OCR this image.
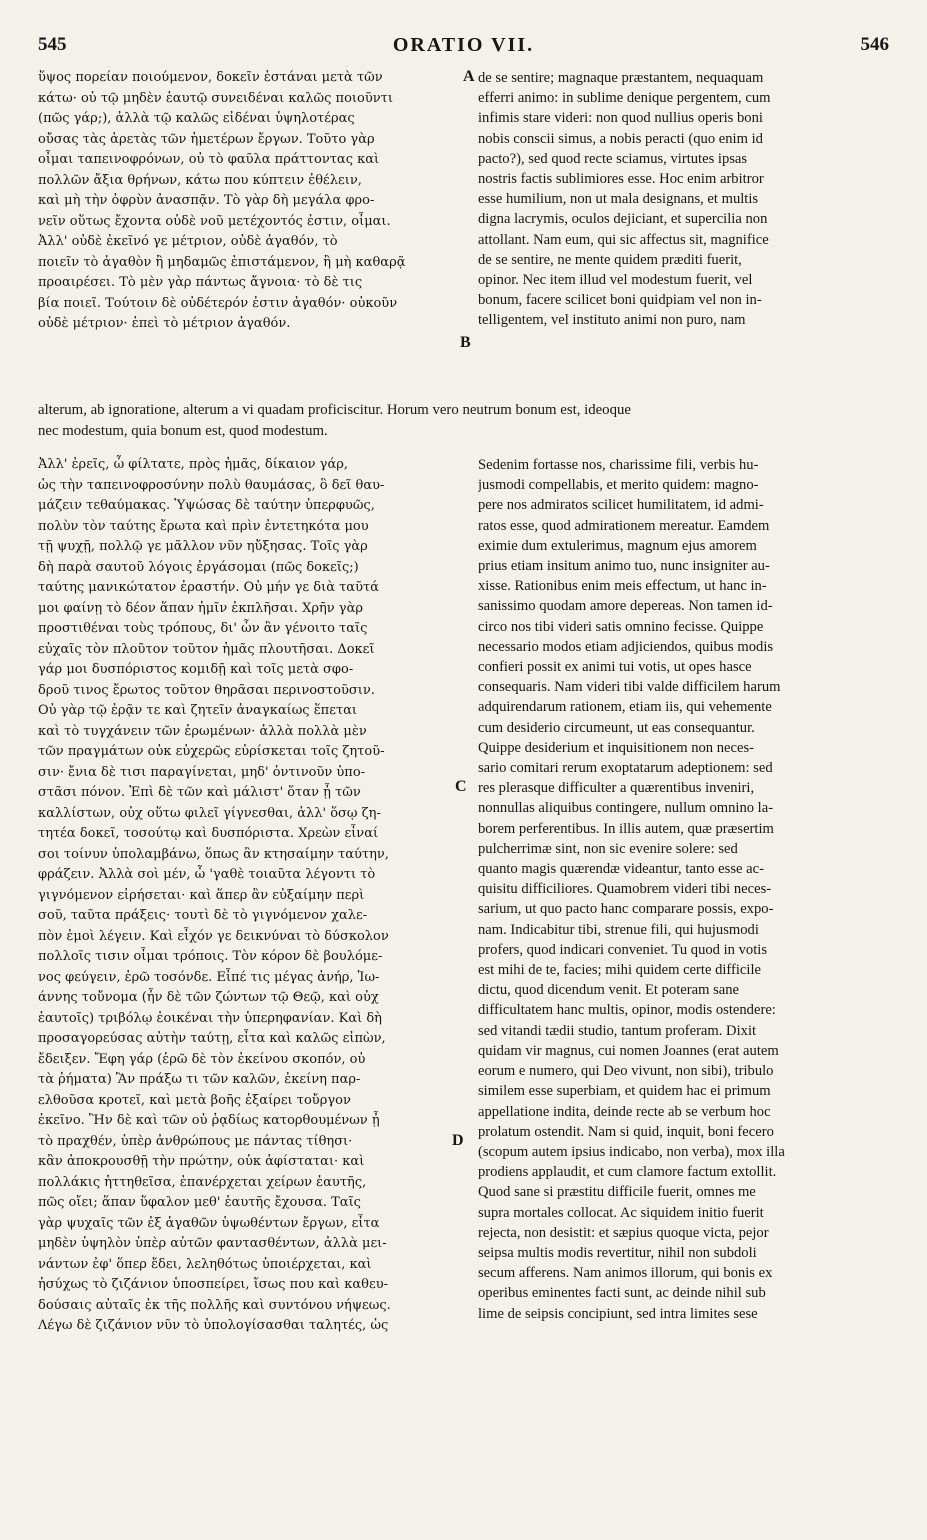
545	ORATIO VII.	546
ὕψος πορείαν ποιούμενον, δοκεῖν ἑστάναι μετὰ τῶν
κάτω· οὐ τῷ μηδὲν ἑαυτῷ συνειδέναι καλῶς ποιοῦντι
(πῶς γάρ;), ἀλλὰ τῷ καλῶς εἰδέναι ὑψηλοτέρας
οὔσας τὰς ἀρετὰς τῶν ἡμετέρων ἔργων. Τοῦτο γὰρ
οἶμαι ταπεινοφρόνων, οὐ τὸ φαῦλα πράττοντας καὶ
πολλῶν ἄξια θρήνων, κάτω που κύπτειν ἐθέλειν,
καὶ μὴ τὴν ὀφρὺν ἀνασπᾷν. Τὸ γὰρ δὴ μεγάλα φρο-
νεῖν οὕτως ἔχοντα οὐδὲ νοῦ μετέχοντός ἐστιν, οἶμαι.
Ἀλλ' οὐδὲ ἐκεῖνό γε μέτριον, οὐδὲ ἀγαθόν, τὸ
ποιεῖν τὸ ἀγαθὸν ἢ μηδαμῶς ἐπιστάμενον, ἢ μὴ καθαρᾷ
προαιρέσει. Τὸ μὲν γὰρ πάντως ἄγνοια· τὸ δὲ τις
βία ποιεῖ. Τούτοιν δὲ οὐδέτερόν ἐστιν ἀγαθόν· οὐκοῦν
οὐδὲ μέτριον· ἐπεὶ τὸ μέτριον ἀγαθόν.
A de se sentire; magnaque præstantem, nequaquam
efferri animo: in sublime denique pergentem, cum
infimis stare videri: non quod nullius operis boni
nobis conscii simus, a nobis peracti (quo enim id
pacto?), sed quod recte sciamus, virtutes ipsas
nostris factis sublimiores esse. Hoc enim arbitror
esse humilium, non ut mala designans, et multis
digna lacrymis, oculos dejiciant, et supercilia non
attollant. Nam eum, qui sic affectus sit, magnifice
de se sentire, ne mente quidem præditi fuerit,
opinor. Nec item illud vel modestum fuerit, vel
bonum, facere scilicet boni quidpiam vel non in-
telligentem, vel instituto animi non puro, nam
B
alterum, ab ignoratione, alterum a vi quadam proficiscitur. Horum vero neutrum bonum est, ideoque
nec modestum, quia bonum est, quod modestum.
Ἀλλ' ἐρεῖς, ὦ φίλτατε, πρὸς ἡμᾶς, δίκαιον γάρ,
ὡς τὴν ταπεινοφροσύνην πολὺ θαυμάσας, ὃ δεῖ θαυ-
μάζειν τεθαύμακας. Ὑψώσας δὲ ταύτην ὑπερφυῶς,
πολὺν τὸν ταύτης ἔρωτα καὶ πρὶν ἐντετηκότα μου
τῇ ψυχῇ, πολλῷ γε μᾶλλον νῦν ηὔξησας. Τοῖς γὰρ
δὴ παρὰ σαυτοῦ λόγοις ἐργάσομαι (πῶς δοκεῖς;)
ταύτης μανικώτατον ἐραστήν. Οὐ μήν γε διὰ ταῦτά
μοι φαίνῃ τὸ δέον ἅπαν ἡμῖν ἐκπλῆσαι. Χρῆν γὰρ
προστιθέναι τοὺς τρόπους, δι' ὧν ἂν γένοιτο ταῖς
εὐχαῖς τὸν πλοῦτον τοῦτον ἡμᾶς πλουτῆσαι. Δοκεῖ
γάρ μοι δυσπόριστος κομιδῇ καὶ τοῖς μετὰ σφο-
δροῦ τινος ἔρωτος τοῦτον θηρᾶσαι περινοστοῦσιν.
Οὐ γὰρ τῷ ἐρᾷν τε καὶ ζητεῖν ἀναγκαίως ἕπεται
καὶ τὸ τυγχάνειν τῶν ἐρωμένων· ἀλλὰ πολλὰ μὲν
τῶν πραγμάτων οὐκ εὐχερῶς εὑρίσκεται τοῖς ζητοῦ-
σιν· ἔνια δὲ τισι παραγίνεται, μηδ' ὁντινοῦν ὑπο-
στᾶσι πόνον. Ἐπὶ δὲ τῶν καὶ μάλιστ' ὅταν ᾖ τῶν
καλλίστων, οὐχ οὕτω φιλεῖ γίγνεσθαι, ἀλλ' ὅσῳ ζη-
τητέα δοκεῖ, τοσούτῳ καὶ δυσπόριστα. Χρεὼν εἶναί
σοι τοίνυν ὑπολαμβάνω, ὅπως ἂν κτησαίμην ταύτην,
φράζειν. Ἀλλὰ σοὶ μέν, ὦ 'γαθὲ τοιαῦτα λέγοντι τὸ
γιγνόμενον εἰρήσεται· καὶ ἅπερ ἂν εὐξαίμην περὶ
σοῦ, ταῦτα πράξεις· τουτὶ δὲ τὸ γιγνόμενον χαλε-
πὸν ἐμοὶ λέγειν. Καὶ εἶχόν γε δεικνύναι τὸ δύσκολον
πολλοῖς τισιν οἶμαι τρόποις. Τὸν κόρον δὲ βουλόμε-
νος φεύγειν, ἐρῶ τοσόνδε. Εἶπέ τις μέγας ἀνήρ, Ἰω-
άννης τοὔνομα (ἦν δὲ τῶν ζώντων τῷ Θεῷ, καὶ οὐχ
ἑαυτοῖς) τριβόλῳ ἐοικέναι τὴν ὑπερηφανίαν. Καὶ δὴ
προσαγορεύσας αὐτὴν ταύτῃ, εἶτα καὶ καλῶς εἰπὼν,
ἔδειξεν. Ἔφη γάρ (ἐρῶ δὲ τὸν ἐκείνου σκοπόν, οὐ
τὰ ῥήματα) Ἂν πράξω τι τῶν καλῶν, ἐκείνη παρ-
ελθοῦσα κροτεῖ, καὶ μετὰ βοῆς ἐξαίρει τοὔργον
ἐκεῖνο. Ἣν δὲ καὶ τῶν οὐ ῥᾳδίως κατορθουμένων ᾖ
τὸ πραχθέν, ὑπὲρ ἀνθρώπους με πάντας τίθησι·
κἂν ἀποκρουσθῇ τὴν πρώτην, οὐκ ἀφίσταται· καὶ
πολλάκις ἡττηθεῖσα, ἐπανέρχεται χείρων ἑαυτῆς,
πῶς οἴει; ἅπαν ὕφαλον μεθ' ἑαυτῆς ἔχουσα. Ταῖς
γὰρ ψυχαῖς τῶν ἐξ ἀγαθῶν ὑψωθέντων ἔργων, εἶτα
μηδὲν ὑψηλὸν ὑπὲρ αὐτῶν φαντασθέντων, ἀλλὰ μει-
νάντων ἐφ' ὅπερ ἔδει, λεληθότως ὑποιέρχεται, καὶ
ἡσύχως τὸ ζιζάνιον ὑποσπείρει, ἴσως που καὶ καθευ-
δούσαις αὐταῖς ἐκ τῆς πολλῆς καὶ συντόνου νήψεως.
Λέγω δὲ ζιζάνιον νῦν τὸ ὑπολογίσασθαι ταλητές, ὡς
C
D
Sedenim fortasse nos, charissime fili, verbis hu-
jusmodi compellabis, et merito quidem: magno-
pere nos admiratos scilicet humilitatem, id admi-
ratos esse, quod admirationem mereatur. Eamdem
eximie dum extulerimus, magnum ejus amorem
prius etiam insitum animo tuo, nunc insigniter au-
xisse. Rationibus enim meis effectum, ut hanc in-
sanissimo quodam amore deperеas. Non tamen id-
circo nos tibi videri satis omnino fecisse. Quippe
necessario modos etiam adjiciendos, quibus modis
confieri possit ex animi tui votis, ut opes hasce
consequaris. Nam videri tibi valde difficilem harum
adquirendarum rationem, etiam iis, qui vehemente
cum desiderio circumeunt, ut eas consequantur.
Quippe desiderium et inquisitionem non neces-
sario comitari rerum exoptatarum adeptionem: sed
res plerasque difficulter a quærentibus inveniri,
nonnullas aliquibus contingere, nullum omnino la-
borem perferentibus. In illis autem, quæ præsertim
pulcherrimæ sint, non sic evenire solere: sed
quanto magis quærendæ videantur, tanto esse ac-
quisitu difficiliores. Quamobrem videri tibi neces-
sarium, ut quo pacto hanc comparare possis, expo-
nam. Indicabitur tibi, strenue fili, qui hujusmodi
profers, quod indicari conveniet. Tu quod in votis
est mihi de te, facies; mihi quidem certe difficile
dictu, quod dicendum venit. Et poteram sane
difficultatem hanc multis, opinor, modis ostendere:
sed vitandi tædii studio, tantum proferam. Dixit
quidam vir magnus, cui nomen Joannes (erat autem
eorum e numero, qui Deo vivunt, non sibi), tribulo
similem esse superbiam, et quidem hac ei primum
appellatione indita, deinde recte ab se verbum hoc
prolatum ostendit. Nam si quid, inquit, boni fecero
(scopum autem ipsius indicabo, non verba), mox illa
prodiens applaudit, et cum clamore factum extollit.
Quod sane si præstitu difficile fuerit, omnes me
supra mortales collocat. Ac siquidem initio fuerit
rejecta, non desistit: et sæpius quoque victa, pejor
seipsa multis modis revertitur, nihil non subdoli
secum afferens. Nam animos illorum, qui bonis ex
operibus eminentes facti sunt, ac deinde nihil sub
lime de seipsis concipiunt, sed intra limites sese
